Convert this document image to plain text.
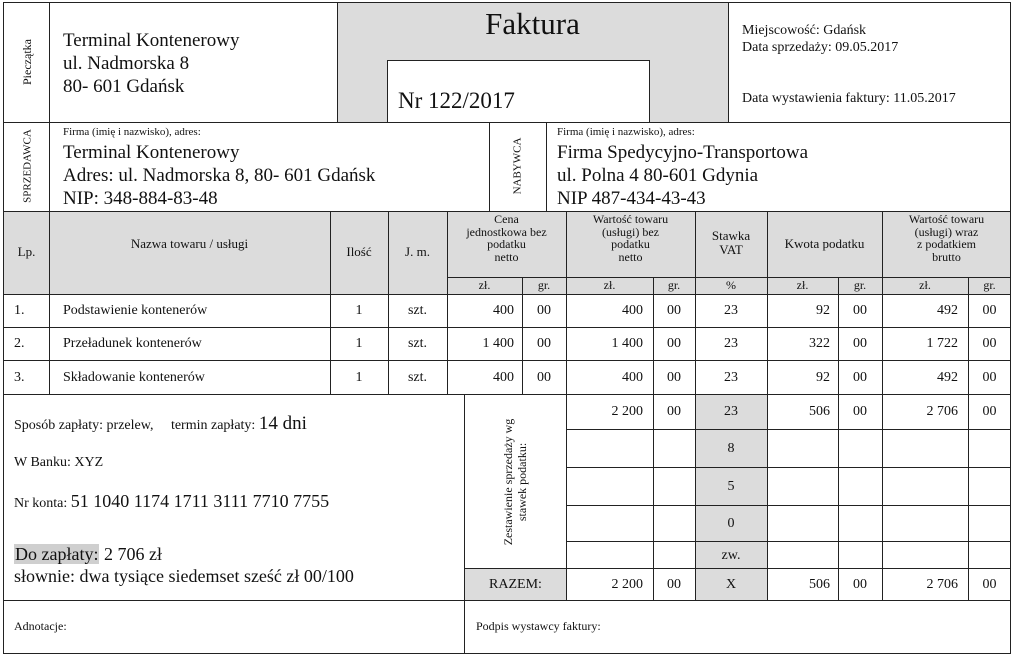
Pieczątka Terminal Kontenerowy
ul. Nadmorska 8
80- 601 Gdańsk
Faktura
Nr 122/2017
Miejscowość: Gdańsk
Data sprzedaży: 09.05.2017
Data wystawienia faktury: 11.05.2017
SPRZEDAWCA	Firma (imię i nazwisko), adres:
Terminal Kontenerowy
Adres: ul. Nadmorska 8, 80- 601 Gdańsk
NIP: 348-884-83-48
NABYWCA
Firma (imię i nazwisko), adres:
Firma Spedycyjno-Transportowa
ul. Polna 4 80-601 Gdynia
NIP 487-434-43-43
Lp.
Nazwa towaru / usługi
Ilość	J. m.
Cena
jednostkowa bez
podatku
netto
Wartość towaru
(usługi) bez
podatku
netto
Stawka
VAT	Kwota podatku
Wartość towaru
(usługi) wraz
z podatkiem
brutto
zł.	gr.	zł.	gr.	%	zł.	gr.	zł.	gr.
1.	Podstawienie kontenerów	1	szt.	400	00	400	00	23	92	00	492	00
2.	Przeładunek kontenerów	1	szt.	1 400	00	1 400	00	23	322	00	1 722	00
3.	Składowanie kontenerów	1	szt.	400	00	400	00	23	92	00	492	00
Zestawienie sprzedaży wg stawek podatku:
2 200	00	23	506	00	2 706	00
8
5
0
zw.
RAZEM:	2 200	00	X	506	00	2 706	00
Sposób zapłaty: przelew, termin zapłaty: 14 dni
W Banku: XYZ
Nr konta: 51 1040 1174 1711 3111 7710 7755
Do zapłaty: 2 706 zł
słownie: dwa tysiące siedemset sześć zł 00/100
Adnotacje:	Podpis wystawcy faktury:
